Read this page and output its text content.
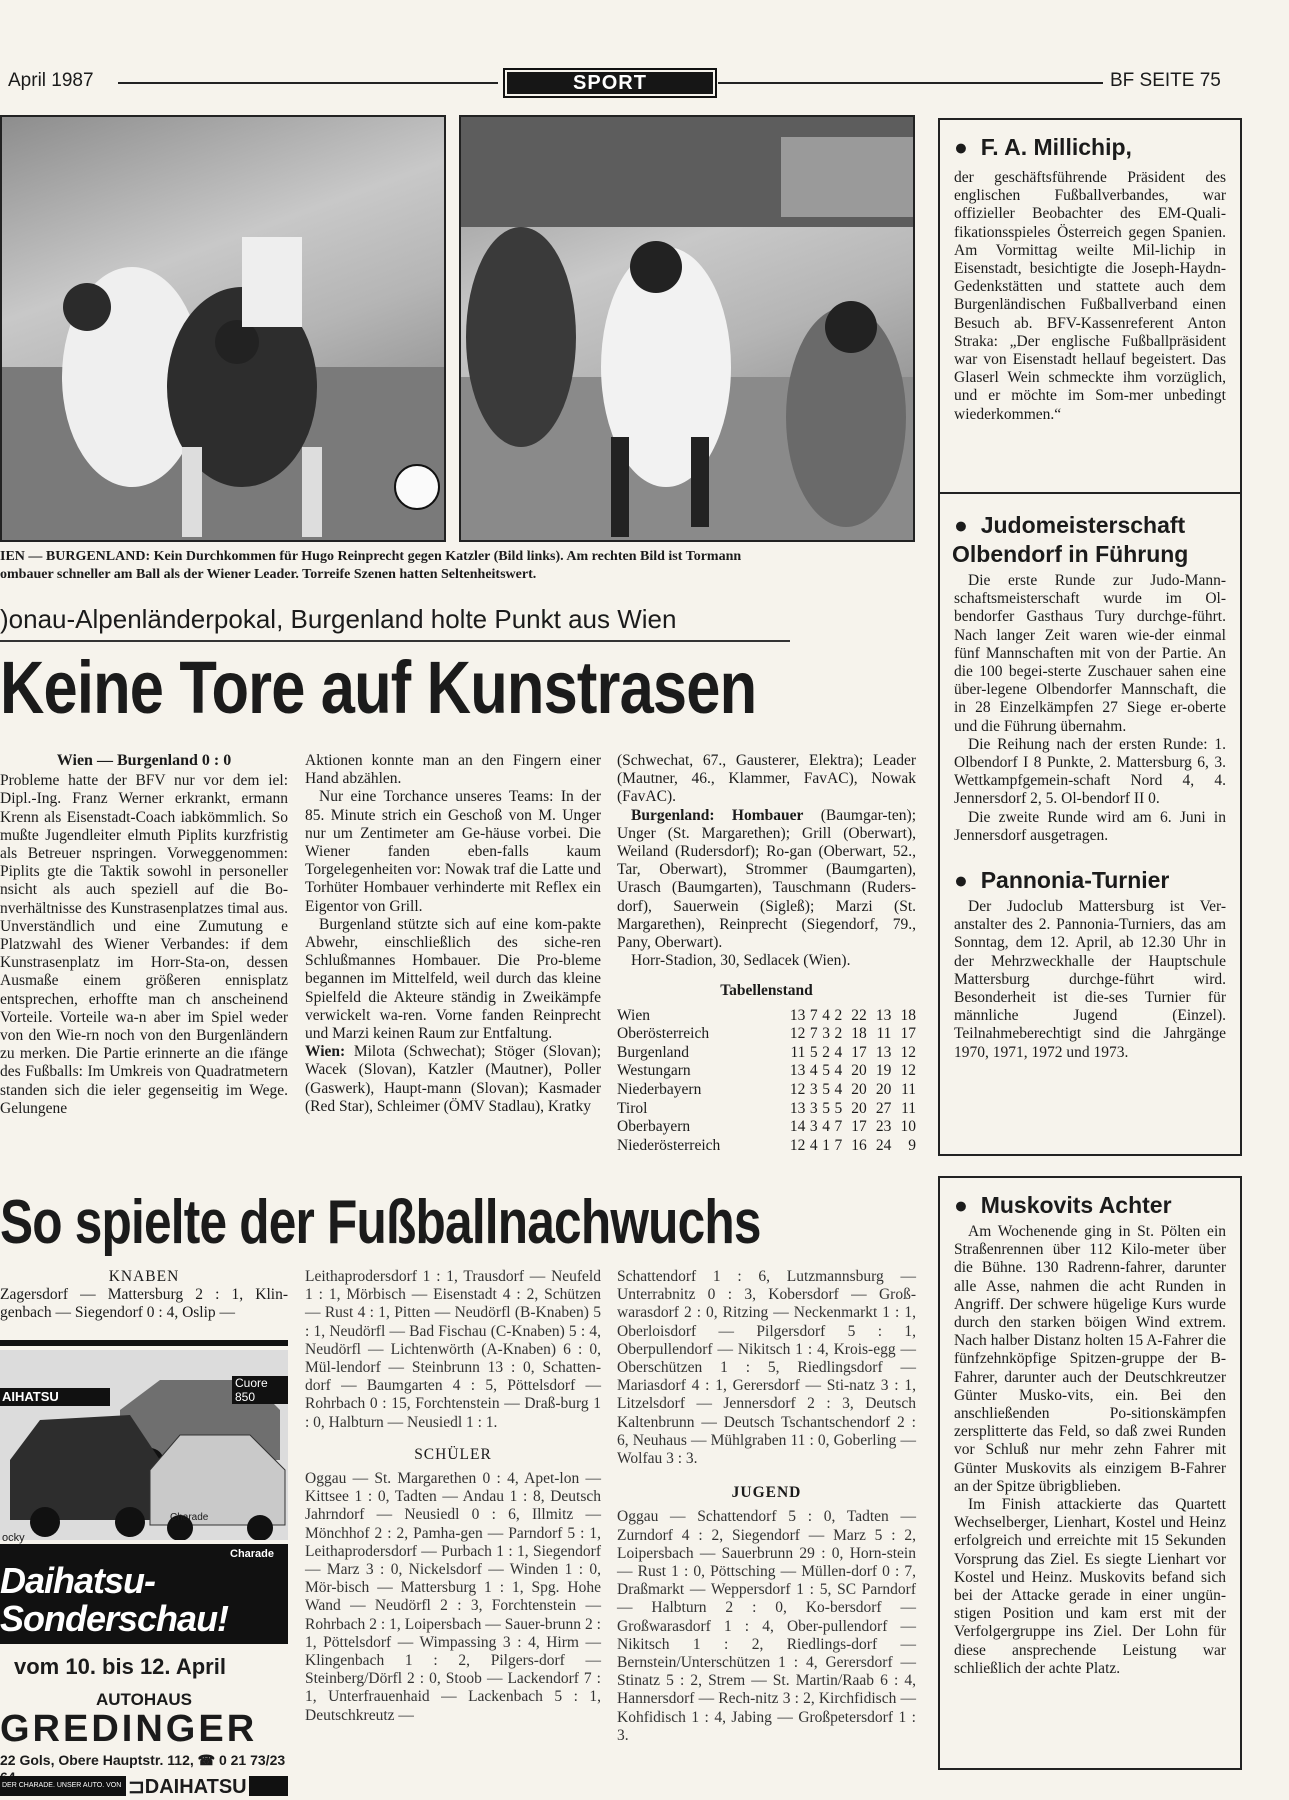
April 1987	SPORT	BF SEITE 75
IEN — BURGENLAND: Kein Durchkommen für Hugo Reinprecht gegen Katzler (Bild links). Am rechten Bild ist Tormann
ombauer schneller am Ball als der Wiener Leader. Torreife Szenen hatten Seltenheitswert.
)onau-Alpenländerpokal, Burgenland holte Punkt aus Wien
Keine Tore auf Kunstrasen
Wien — Burgenland 0 : 0
Probleme hatte der BFV nur vor dem iel: Dipl.-Ing. Franz Werner erkrankt, ermann Krenn als Eisenstadt-Coach iabkömmlich. So mußte Jugendleiter elmuth Piplits kurzfristig als Betreuer nspringen. Vorweggenommen: Piplits gte die Taktik sowohl in personeller nsicht als auch speziell auf die Bo-nverhältnisse des Kunstrasenplatzes timal aus. Unverständlich und eine Zumutung e Platzwahl des Wiener Verbandes: if dem Kunstrasenplatz im Horr-Sta-on, dessen Ausmaße einem größeren ennisplatz entsprechen, erhoffte man ch anscheinend Vorteile. Vorteile wa-n aber im Spiel weder von den Wie-rn noch von den Burgenländern zu merken. Die Partie erinnerte an die ıfänge des Fußballs: Im Umkreis von Quadratmetern standen sich die ieler gegenseitig im Wege. Gelungene

Aktionen konnte man an den Fingern einer Hand abzählen.

Nur eine Torchance unseres Teams: In der 85. Minute strich ein Geschoß von M. Unger nur um Zentimeter am Ge-häuse vorbei. Die Wiener fanden eben-falls kaum Torgelegenheiten vor: Nowak traf die Latte und Torhüter Hombauer verhinderte mit Reflex ein Eigentor von Grill.

Burgenland stützte sich auf eine kom-pakte Abwehr, einschließlich des siche-ren Schlußmannes Hombauer. Die Pro-bleme begannen im Mittelfeld, weil durch das kleine Spielfeld die Akteure ständig in Zweikämpfe verwickelt wa-ren. Vorne fanden Reinprecht und Marzi keinen Raum zur Entfaltung.

Wien: Milota (Schwechat); Stöger (Slovan); Wacek (Slovan), Katzler (Mautner), Poller (Gaswerk), Haupt-mann (Slovan); Kasmader (Red Star), Schleimer (ÖMV Stadlau), Kratky

(Schwechat, 67., Gausterer, Elektra); Leader (Mautner, 46., Klammer, FavAC), Nowak (FavAC).

Burgenland: Hombauer (Baumgar-ten); Unger (St. Margarethen); Grill (Oberwart), Weiland (Rudersdorf); Ro-gan (Oberwart, 52., Tar, Oberwart), Strommer (Baumgarten), Urasch (Baumgarten), Tauschmann (Ruders-dorf), Sauerwein (Sigleß); Marzi (St. Margarethen), Reinprecht (Siegendorf, 79., Pany, Oberwart).

Horr-Stadion, 30, Sedlacek (Wien).

Tabellenstand
Wien	13	7	4	2	22	13	18
Oberösterreich	12	7	3	2	18	11	17
Burgenland	11	5	2	4	17	13	12
Westungarn	13	4	5	4	20	19	12
Niederbayern	12	3	5	4	20	20	11
Tirol	13	3	5	5	20	27	11
Oberbayern	14	3	4	7	17	23	10
Niederösterreich	12	4	1	7	16	24	9
● F. A. Millichip,
der geschäftsführende Präsident des englischen Fußballverbandes, war offizieller Beobachter des EM-Quali-fikationsspieles Österreich gegen Spanien. Am Vormittag weilte Mil-lichip in Eisenstadt, besichtigte die Joseph-Haydn-Gedenkstätten und stattete auch dem Burgenländischen Fußballverband einen Besuch ab. BFV-Kassenreferent Anton Straka: „Der englische Fußballpräsident war von Eisenstadt hellauf begeistert. Das Glaserl Wein schmeckte ihm vorzüglich, und er möchte im Som-mer unbedingt wiederkommen.“
● Judomeisterschaft
Olbendorf in Führung

Die erste Runde zur Judo-Mann-schaftsmeisterschaft wurde im Ol-bendorfer Gasthaus Tury durchge-führt. Nach langer Zeit waren wie-der einmal fünf Mannschaften mit von der Partie. An die 100 begei-sterte Zuschauer sahen eine über-legene Olbendorfer Mannschaft, die in 28 Einzelkämpfen 27 Siege er-oberte und die Führung übernahm.

Die Reihung nach der ersten Runde: 1. Olbendorf I 8 Punkte, 2. Mattersburg 6, 3. Wettkampfgemein-schaft Nord 4, 4. Jennersdorf 2, 5. Ol-bendorf II 0.

Die zweite Runde wird am 6. Juni in Jennersdorf ausgetragen.

● Pannonia-Turnier

Der Judoclub Mattersburg ist Ver-anstalter des 2. Pannonia-Turniers, das am Sonntag, dem 12. April, ab 12.30 Uhr in der Mehrzweckhalle der Hauptschule Mattersburg durchge-führt wird. Besonderheit ist die-ses Turnier für männliche Jugend (Einzel). Teilnahmeberechtigt sind die Jahrgänge 1970, 1971, 1972 und 1973.

So spielte der Fußballnachwuchs
KNABEN
Zagersdorf — Mattersburg 2 : 1, Klin-genbach — Siegendorf 0 : 4, Oslip —
Cuore 850
AIHATSU
Charade
ocky
Charade
Daihatsu-
Sonderschau!
vom 10. bis 12. April
AUTOHAUS
GREDINGER
22 Gols, Obere Hauptstr. 112, ☎ 0 21 73/23
DER CHARADE. UNSER AUTO. VON ⊐DAIHATSU
Leithaprodersdorf 1 : 1, Trausdorf — Neufeld 1 : 1, Mörbisch — Eisenstadt 4 : 2, Schützen — Rust 4 : 1, Pitten — Neudörfl (B-Knaben) 5 : 1, Neudörfl — Bad Fischau (C-Knaben) 5 : 4, Neudörfl — Lichtenwörth (A-Knaben) 6 : 0, Mül-lendorf — Steinbrunn 13 : 0, Schatten-dorf — Baumgarten 4 : 5, Pöttelsdorf — Rohrbach 0 : 15, Forchtenstein — Draß-burg 1 : 0, Halbturn — Neusiedl 1 : 1.
SCHÜLER
Oggau — St. Margarethen 0 : 4, Apet-lon — Kittsee 1 : 0, Tadten — Andau 1 : 8, Deutsch Jahrndorf — Neusiedl 0 : 6, Illmitz — Mönchhof 2 : 2, Pamha-gen — Parndorf 5 : 1, Leithaprodersdorf — Purbach 1 : 1, Siegendorf — Marz 3 : 0, Nickelsdorf — Winden 1 : 0, Mör-bisch — Mattersburg 1 : 1, Spg. Hohe Wand — Neudörfl 2 : 3, Forchtenstein — Rohrbach 2 : 1, Loipersbach — Sauer-brunn 2 : 1, Pöttelsdorf — Wimpassing 3 : 4, Hirm — Klingenbach 1 : 2, Pilgers-dorf — Steinberg/Dörfl 2 : 0, Stoob — Lackendorf 7 : 1, Unterfrauenhaid — Lackenbach 5 : 1, Deutschkreutz —
Schattendorf 1 : 6, Lutzmannsburg — Unterrabnitz 0 : 3, Kobersdorf — Groß-warasdorf 2 : 0, Ritzing — Neckenmarkt 1 : 1, Oberloisdorf — Pilgersdorf 5 : 1, Oberpullendorf — Nikitsch 1 : 4, Krois-egg — Oberschützen 1 : 5, Riedlingsdorf — Mariasdorf 4 : 1, Gerersdorf — Sti-natz 3 : 1, Litzelsdorf — Jennersdorf 2 : 3, Deutsch Kaltenbrunn — Deutsch Tschantschendorf 2 : 6, Neuhaus — Mühlgraben 11 : 0, Goberling — Wolfau 3 : 3.
JUGEND
Oggau — Schattendorf 5 : 0, Tadten — Zurndorf 4 : 2, Siegendorf — Marz 5 : 2, Loipersbach — Sauerbrunn 29 : 0, Horn-stein — Rust 1 : 0, Pöttsching — Müllen-dorf 0 : 7, Draßmarkt — Weppersdorf 1 : 5, SC Parndorf — Halbturn 2 : 0, Ko-bersdorf — Großwarasdorf 1 : 4, Ober-pullendorf — Nikitsch 1 : 2, Riedlings-dorf — Bernstein/Unterschützen 1 : 4, Gerersdorf — Stinatz 5 : 2, Strem — St. Martin/Raab 6 : 4, Hannersdorf — Rech-nitz 3 : 2, Kirchfidisch — Kohfidisch 1 : 4, Jabing — Großpetersdorf 1 : 3.
● Muskovits Achter

Am Wochenende ging in St. Pölten ein Straßenrennen über 112 Kilo-meter über die Bühne. 130 Radrenn-fahrer, darunter alle Asse, nahmen die acht Runden in Angriff. Der schwere hügelige Kurs wurde durch den starken böigen Wind extrem. Nach halber Distanz holten 15 A-Fahrer die fünfzehnköpfige Spitzen-gruppe der B-Fahrer, darunter auch der Deutschkreutzer Günter Musko-vits, ein. Bei den anschließenden Po-sitionskämpfen zersplitterte das Feld, so daß zwei Runden vor Schluß nur mehr zehn Fahrer mit Günter Muskovits als einzigem B-Fahrer an der Spitze übrigblieben.

Im Finish attackierte das Quartett Wechselberger, Lienhart, Kostel und Heinz erfolgreich und erreichte mit 15 Sekunden Vorsprung das Ziel. Es siegte Lienhart vor Kostel und Heinz. Muskovits befand sich bei der Attacke gerade in einer ungün-stigen Position und kam erst mit der Verfolgergruppe ins Ziel. Der Lohn für diese ansprechende Leistung war schließlich der achte Platz.
